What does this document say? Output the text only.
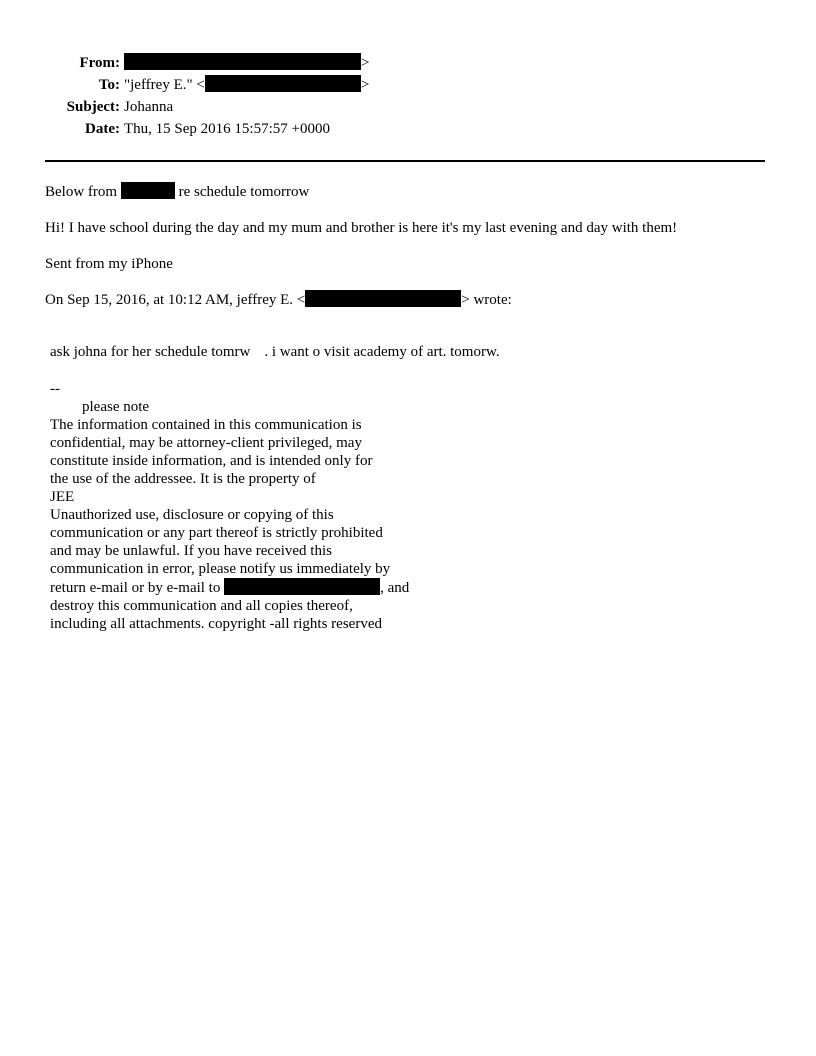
From:	>
To: "jeffrey E." <	>
Subject: Johanna
Date: Thu, 15 Sep 2016 15:57:57 +0000
Below from	re schedule tomorrow
Hi! I have school during the day and my mum and brother is here it's my last evening and day with them!
Sent from my iPhone
On Sep 15, 2016, at 10:12 AM, jeffrey E. <	> wrote:
ask johna for her schedule tomrw . i want o visit academy of art. tomorw.
--
please note
The information contained in this communication is
confidential, may be attorney-client privileged, may
constitute inside information, and is intended only for
the use of the addressee. It is the property of
JEE
Unauthorized use, disclosure or copying of this
communication or any part thereof is strictly prohibited
and may be unlawful. If you have received this
communication in error, please notify us immediately by
return e-mail or by e-mail to	, and
destroy this communication and all copies thereof,
including all attachments. copyright -all rights reserved
